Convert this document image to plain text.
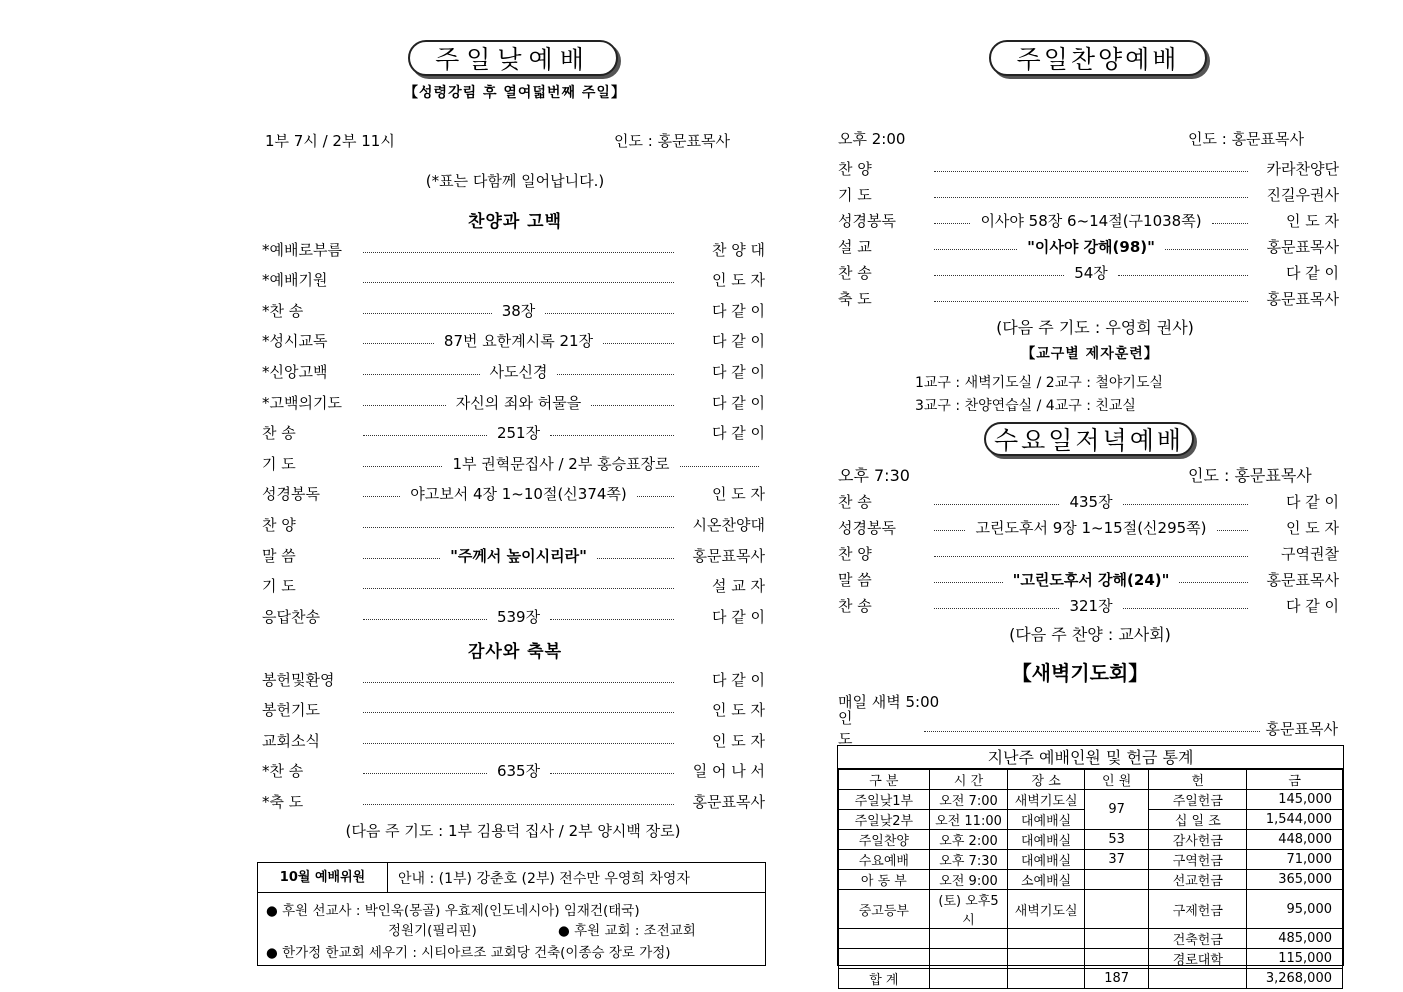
주일낮예배
【성령강림 후 열여덟번째 주일】
1부 7시 / 2부 11시	인도 : 홍문표목사
(*표는 다함께 일어납니다.)
찬양과 고백
*예배로부름	찬 양 대
*예배기원	인 도 자
*찬 송	38장	다 같 이
*성시교독	87번 요한계시록 21장	다 같 이
*신앙고백	사도신경	다 같 이
*고백의기도	자신의 죄와 허물을	다 같 이
찬 송	251장	다 같 이
기 도	1부 권혁문집사 / 2부 홍승표장로
성경봉독	야고보서 4장 1~10절(신374쪽)	인 도 자
찬 양	시온찬양대
말 씀	"주께서 높이시리라"	홍문표목사
기 도	설 교 자
응답찬송	539장	다 같 이
감사와 축복
봉헌및환영	다 같 이
봉헌기도	인 도 자
교회소식	인 도 자
*찬 송	635장	일 어 나 서
*축 도	홍문표목사
(다음 주 기도 : 1부 김용덕 집사 / 2부 양시백 장로)
10월 예배위원	안내 : (1부) 강춘호 (2부) 전수만 우영희 차영자
● 후원 선교사 : 박인욱(몽골) 우효제(인도네시아) 임재건(태국)
정원기(필리핀)	● 후원 교회 : 조전교회
● 한가정 한교회 세우기 : 시티아르조 교회당 건축(이종승 장로 가정)
주일찬양예배
오후 2:00	인도 : 홍문표목사
찬 양	카라찬양단
기 도	진길우권사
성경봉독	이사야 58장 6~14절(구1038쪽)	인 도 자
설 교	"이사야 강해(98)"	홍문표목사
찬 송	54장	다 같 이
축 도	홍문표목사
(다음 주 기도 : 우영희 권사)
【교구별 제자훈련】
1교구 : 새벽기도실 / 2교구 : 철야기도실
3교구 : 찬양연습실 / 4교구 : 친교실
수요일저녁예배
오후 7:30	인도 : 홍문표목사
찬 송	435장	다 같 이
성경봉독	고린도후서 9장 1~15절(신295쪽)	인 도 자
찬 양	구역권찰
말 씀	"고린도후서 강해(24)"	홍문표목사
찬 송	321장	다 같 이
(다음 주 찬양 : 교사회)
【새벽기도회】
매일 새벽 5:00
인 도
홍문표목사
지난주 예배인원 및 헌금 통계
구 분	시 간	장 소	인 원	헌	금
주일낮1부	오전 7:00	새벽기도실	97	주일헌금	145,000
주일낮2부	오전 11:00	대예배실		십 일 조	1,544,000
주일찬양	오후 2:00	대예배실	53	감사헌금	448,000
수요예배	오후 7:30	대예배실	37	구역헌금	71,000
아 동 부	오전 9:00	소예배실		선교헌금	365,000
중고등부	(토) 오후5시	새벽기도실		구제헌금	95,000
				건축헌금	485,000
				경로대학	115,000
합 계			187		3,268,000
